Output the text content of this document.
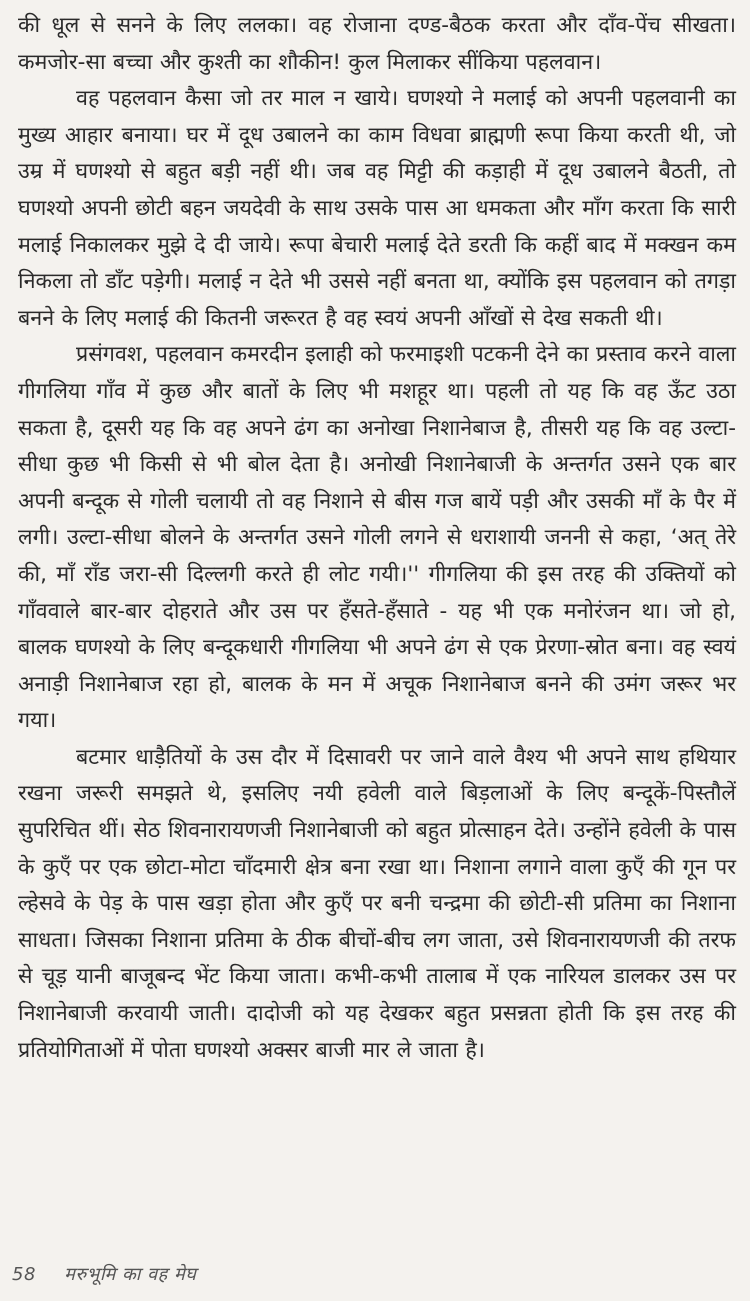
की धूल से सनने के लिए ललका। वह रोजाना दण्ड-बैठक करता और दाँव-पेंच सीखता। कमजोर-सा बच्चा और कुश्ती का शौकीन! कुल मिलाकर सींकिया पहलवान।

वह पहलवान कैसा जो तर माल न खाये। घणश्यो ने मलाई को अपनी पहलवानी का मुख्य आहार बनाया। घर में दूध उबालने का काम विधवा ब्राह्मणी रूपा किया करती थी, जो उम्र में घणश्यो से बहुत बड़ी नहीं थी। जब वह मिट्टी की कड़ाही में दूध उबालने बैठती, तो घणश्यो अपनी छोटी बहन जयदेवी के साथ उसके पास आ धमकता और माँग करता कि सारी मलाई निकालकर मुझे दे दी जाये। रूपा बेचारी मलाई देते डरती कि कहीं बाद में मक्खन कम निकला तो डाँट पड़ेगी। मलाई न देते भी उससे नहीं बनता था, क्योंकि इस पहलवान को तगड़ा बनने के लिए मलाई की कितनी जरूरत है वह स्वयं अपनी आँखों से देख सकती थी।

प्रसंगवश, पहलवान कमरदीन इलाही को फरमाइशी पटकनी देने का प्रस्ताव करने वाला गीगलिया गाँव में कुछ और बातों के लिए भी मशहूर था। पहली तो यह कि वह ऊँट उठा सकता है, दूसरी यह कि वह अपने ढंग का अनोखा निशानेबाज है, तीसरी यह कि वह उल्टा-सीधा कुछ भी किसी से भी बोल देता है। अनोखी निशानेबाजी के अन्तर्गत उसने एक बार अपनी बन्दूक से गोली चलायी तो वह निशाने से बीस गज बायें पड़ी और उसकी माँ के पैर में लगी। उल्टा-सीधा बोलने के अन्तर्गत उसने गोली लगने से धराशायी जननी से कहा, ‘अत् तेरे की, माँ राँड जरा-सी दिल्लगी करते ही लोट गयी।'' गीगलिया की इस तरह की उक्तियों को गाँववाले बार-बार दोहराते और उस पर हँसते-हँसाते - यह भी एक मनोरंजन था। जो हो, बालक घणश्यो के लिए बन्दूकधारी गीगलिया भी अपने ढंग से एक प्रेरणा-स्रोत बना। वह स्वयं अनाड़ी निशानेबाज रहा हो, बालक के मन में अचूक निशानेबाज बनने की उमंग जरूर भर गया।

बटमार धाड़ैतियों के उस दौर में दिसावरी पर जाने वाले वैश्य भी अपने साथ हथियार रखना जरूरी समझते थे, इसलिए नयी हवेली वाले बिड़लाओं के लिए बन्दूकें-पिस्तौलें सुपरिचित थीं। सेठ शिवनारायणजी निशानेबाजी को बहुत प्रोत्साहन देते। उन्होंने हवेली के पास के कुएँ पर एक छोटा-मोटा चाँदमारी क्षेत्र बना रखा था। निशाना लगाने वाला कुएँ की गून पर ल्हेसवे के पेड़ के पास खड़ा होता और कुएँ पर बनी चन्द्रमा की छोटी-सी प्रतिमा का निशाना साधता। जिसका निशाना प्रतिमा के ठीक बीचों-बीच लग जाता, उसे शिवनारायणजी की तरफ से चूड़ यानी बाजूबन्द भेंट किया जाता। कभी-कभी तालाब में एक नारियल डालकर उस पर निशानेबाजी करवायी जाती। दादोजी को यह देखकर बहुत प्रसन्नता होती कि इस तरह की प्रतियोगिताओं में पोता घणश्यो अक्सर बाजी मार ले जाता है।

58 मरुभूमि का वह मेघ
